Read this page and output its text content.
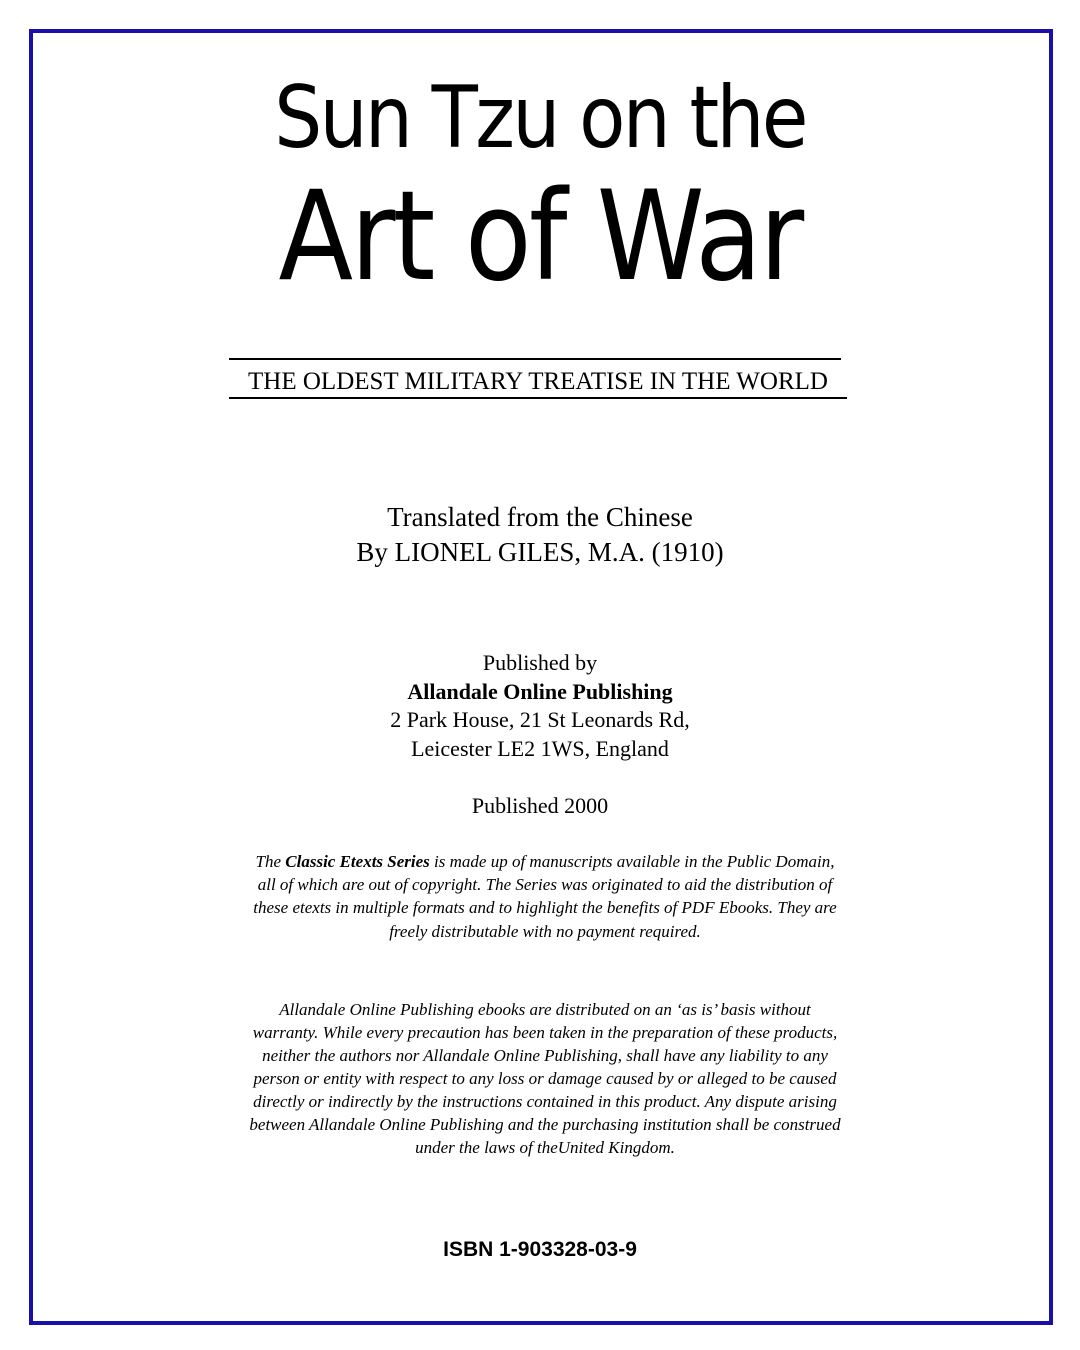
Sun Tzu on the
Art of War
THE OLDEST MILITARY TREATISE IN THE WORLD
Translated from the Chinese
By LIONEL GILES, M.A. (1910)
Published by
Allandale Online Publishing
2 Park House, 21 St Leonards Rd,
Leicester LE2 1WS, England
Published 2000
The Classic Etexts Series is made up of manuscripts available in the Public Domain, all of which are out of copyright. The Series was originated to aid the distribution of these etexts in multiple formats and to highlight the benefits of PDF Ebooks. They are freely distributable with no payment required.
Allandale Online Publishing ebooks are distributed on an ‘as is’ basis without warranty. While every precaution has been taken in the preparation of these products, neither the authors nor Allandale Online Publishing, shall have any liability to any person or entity with respect to any loss or damage caused by or alleged to be caused directly or indirectly by the instructions contained in this product. Any dispute arising between Allandale Online Publishing and the purchasing institution shall be construed under the laws of theUnited Kingdom.
ISBN 1-903328-03-9
